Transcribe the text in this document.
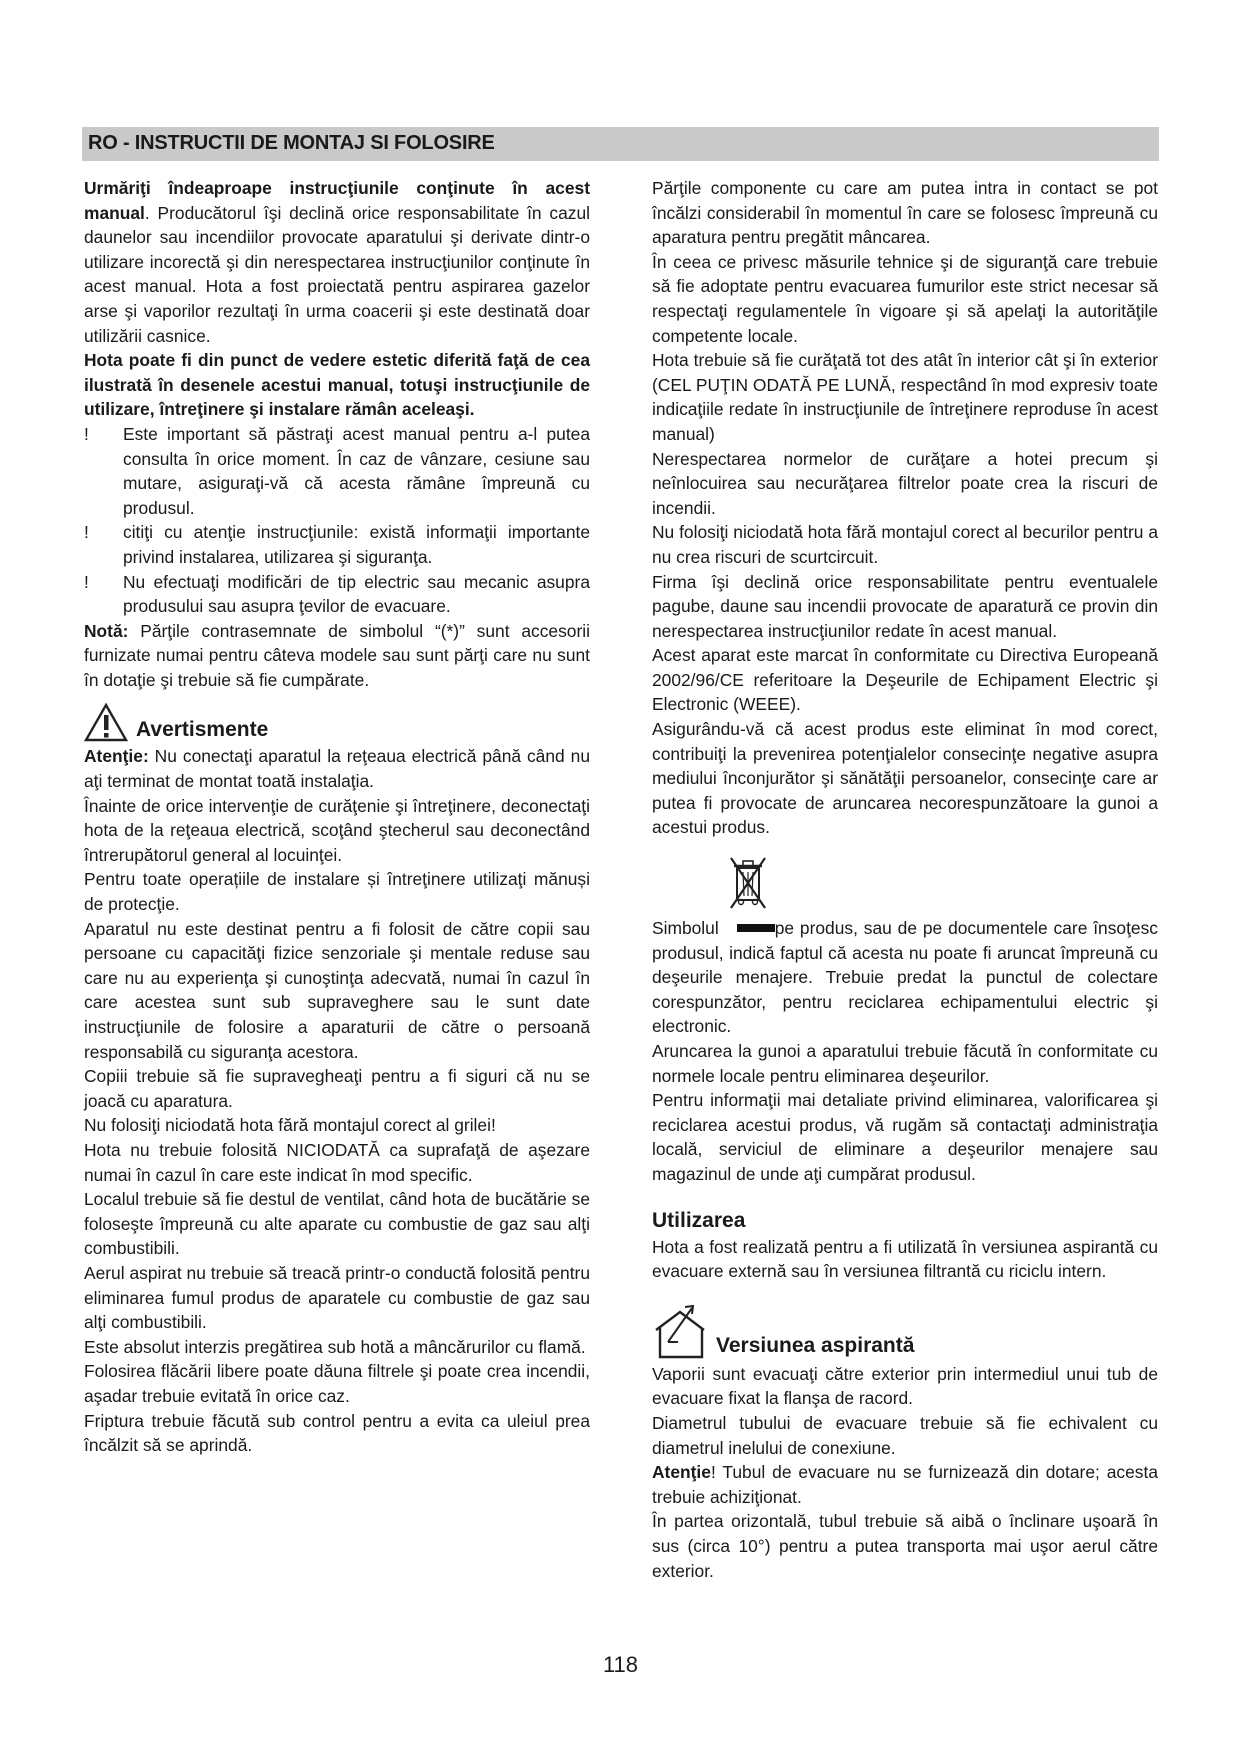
RO - INSTRUCTII DE MONTAJ SI FOLOSIRE

Urmăriţi îndeaproape instrucţiunile conţinute în acest manual. Producătorul îşi declină orice responsabilitate în cazul daunelor sau incendiilor provocate aparatului şi derivate dintr-o utilizare incorectă şi din nerespectarea instrucţiunilor conţinute în acest manual. Hota a fost proiectată pentru aspirarea gazelor arse şi vaporilor rezultaţi în urma coacerii şi este destinată doar utilizării casnice.

Hota poate fi din punct de vedere estetic diferită faţă de cea ilustrată în desenele acestui manual, totuşi instrucţiunile de utilizare, întreţinere şi instalare rămân aceleaşi.

! Este important să păstraţi acest manual pentru a-l putea consulta în orice moment. În caz de vânzare, cesiune sau mutare, asiguraţi-vă că acesta rămâne împreună cu produsul.

! citiţi cu atenţie instrucţiunile: există informaţii importante privind instalarea, utilizarea şi siguranţa.

! Nu efectuaţi modificări de tip electric sau mecanic asupra produsului sau asupra ţevilor de evacuare.

Notă: Părţile contrasemnate de simbolul “(*)” sunt accesorii furnizate numai pentru câteva modele sau sunt părţi care nu sunt în dotaţie şi trebuie să fie cumpărate.

Avertismente

Atenţie: Nu conectaţi aparatul la reţeaua electrică până când nu aţi terminat de montat toată instalaţia.

Înainte de orice intervenţie de curăţenie şi întreţinere, deconectaţi hota de la reţeaua electrică, scoţând ştecherul sau deconectând întrerupătorul general al locuinţei.

Pentru toate operațiile de instalare și întreţinere utilizaţi mănuși de protecţie.

Aparatul nu este destinat pentru a fi folosit de către copii sau persoane cu capacităţi fizice senzoriale şi mentale reduse sau care nu au experienţa şi cunoştinţa adecvată, numai în cazul în care acestea sunt sub supraveghere sau le sunt date instrucţiunile de folosire a aparaturii de către o persoană responsabilă cu siguranţa acestora.

Copiii trebuie să fie supravegheaţi pentru a fi siguri că nu se joacă cu aparatura.

Nu folosiţi niciodată hota fără montajul corect al grilei!

Hota nu trebuie folosită NICIODATĂ ca suprafaţă de aşezare numai în cazul în care este indicat în mod specific.

Localul trebuie să fie destul de ventilat, când hota de bucătărie se foloseşte împreună cu alte aparate cu combustie de gaz sau alţi combustibili.

Aerul aspirat nu trebuie să treacă printr-o conductă folosită pentru eliminarea fumul produs de aparatele cu combustie de gaz sau alţi combustibili.

Este absolut interzis pregătirea sub hotă a mâncărurilor cu flamă.

Folosirea flăcării libere poate dăuna filtrele şi poate crea incendii, aşadar trebuie evitată în orice caz.

Friptura trebuie făcută sub control pentru a evita ca uleiul prea încălzit să se aprindă.

Părţile componente cu care am putea intra in contact se pot încălzi considerabil în momentul în care se folosesc împreună cu aparatura pentru pregătit mâncarea.

În ceea ce privesc măsurile tehnice şi de siguranţă care trebuie să fie adoptate pentru evacuarea fumurilor este strict necesar să respectaţi regulamentele în vigoare şi să apelaţi la autorităţile competente locale.

Hota trebuie să fie curăţată tot des atât în interior cât şi în exterior (CEL PUŢIN ODATĂ PE LUNĂ, respectând în mod expresiv toate indicaţiile redate în instrucţiunile de întreţinere reproduse în acest manual)

Nerespectarea normelor de curăţare a hotei precum şi neînlocuirea sau necurăţarea filtrelor poate crea la riscuri de incendii.

Nu folosiţi niciodată hota fără montajul corect al becurilor pentru a nu crea riscuri de scurtcircuit.

Firma îşi declină orice responsabilitate pentru eventualele pagube, daune sau incendii provocate de aparatură ce provin din nerespectarea instrucţiunilor redate în acest manual.

Acest aparat este marcat în conformitate cu Directiva Europeană 2002/96/CE referitoare la Deşeurile de Echipament Electric şi Electronic (WEEE).

Asigurându-vă că acest produs este eliminat în mod corect, contribuiţi la prevenirea potenţialelor consecinţe negative asupra mediului înconjurător şi sănătăţii persoanelor, consecinţe care ar putea fi provocate de aruncarea necorespunzătoare la gunoi a acestui produs.

Simbolul	pe produs, sau de pe documentele care însoţesc produsul, indică faptul că acesta nu poate fi aruncat împreună cu deşeurile menajere. Trebuie predat la punctul de colectare corespunzător, pentru reciclarea echipamentului electric şi electronic.

Aruncarea la gunoi a aparatului trebuie făcută în conformitate cu normele locale pentru eliminarea deşeurilor.

Pentru informaţii mai detaliate privind eliminarea, valorificarea şi reciclarea acestui produs, vă rugăm să contactaţi administraţia locală, serviciul de eliminare a deşeurilor menajere sau magazinul de unde aţi cumpărat produsul.

Utilizarea

Hota a fost realizată pentru a fi utilizată în versiunea aspirantă cu evacuare externă sau în versiunea filtrantă cu riciclu intern.

Versiunea aspirantă

Vaporii sunt evacuaţi către exterior prin intermediul unui tub de evacuare fixat la flanşa de racord.

Diametrul tubului de evacuare trebuie să fie echivalent cu diametrul inelului de conexiune.

Atenţie! Tubul de evacuare nu se furnizează din dotare; acesta trebuie achiziţionat.

În partea orizontală, tubul trebuie să aibă o înclinare uşoară în sus (circa 10°) pentru a putea transporta mai uşor aerul către exterior.

118
